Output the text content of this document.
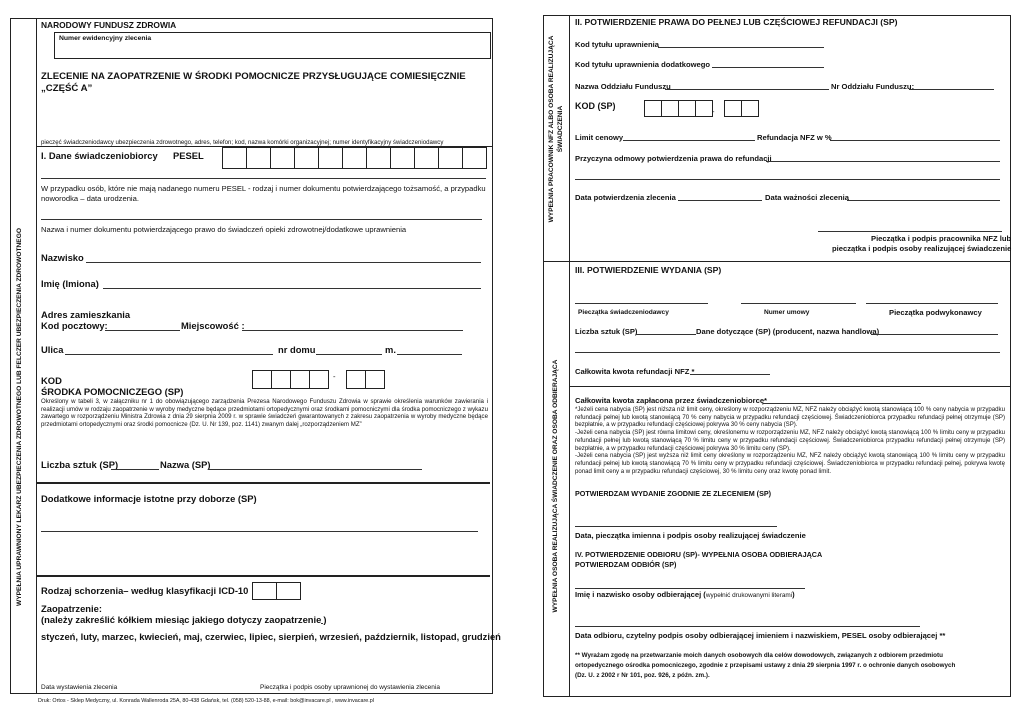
WYPEŁNIA UPRAWNIONY LEKARZ UBEZPIECZENIA ZDROWOTNEGO LUB FELCZER UBEZPIECZENIA ZDROWOTNEGO
NARODOWY FUNDUSZ ZDROWIA
Numer ewidencyjny zlecenia
ZLECENIE NA ZAOPATRZENIE W ŚRODKI POMOCNICZE PRZYSŁUGUJĄCE COMIESIĘCZNIE
„CZĘŚĆ A”
pieczęć świadczeniodawcy ubezpieczenia zdrowotnego, adres, telefon; kod, nazwa komórki organizacyjnej; numer identyfikacyjny świadczeniodawcy
I. Dane świadczeniobiorcy PESEL
W przypadku osób, które nie mają nadanego numeru PESEL - rodzaj i numer dokumentu potwierdzającego tożsamość, a przypadku
noworodka – data urodzenia.
Nazwa i numer dokumentu potwierdzającego prawo do świadczeń opieki zdrowotnej/dodatkowe uprawnienia
Nazwisko
Imię (Imiona)
Adres zamieszkania
Kod pocztowy:	Miejscowość :
Ulica	nr domu	m.
KOD
ŚRODKA POMOCNICZEGO (SP)
-
Określony w tabeli 3, w załączniku nr 1 do obowiązującego zarządzenia Prezesa Narodowego Funduszu Zdrowia w sprawie określenia warunków zawierania i realizacji umów w rodzaju zaopatrzenie w wyroby medyczne będące przedmiotami ortopedycznymi oraz środkami pomocniczymi dla środka pomocniczego z wykazu zawartego w rozporządzeniu Ministra Zdrowia z dnia 29 sierpnia 2009 r. w sprawie świadczeń gwarantowanych z zakresu zaopatrzenia w wyroby medyczne będące przedmiotami ortopedycznymi oraz środki pomocnicze (Dz. U. Nr 139, poz. 1141) zwanym dalej „rozporządzeniem MZ”
Liczba sztuk (SP)	Nazwa (SP)
Dodatkowe informacje istotne przy doborze (SP)
Rodzaj schorzenia– według klasyfikacji ICD-10
Zaopatrzenie:
(należy zakreślić kółkiem miesiąc jakiego dotyczy zaopatrzenie )
styczeń, luty, marzec, kwiecień, maj, czerwiec, lipiec, sierpień, wrzesień, październik, listopad, grudzień
Data wystawienia zlecenia	Pieczątka i podpis osoby uprawnionej do wystawienia zlecenia
Druk: Ortos - Sklep Medyczny, ul. Konrada Wallenroda 25A, 80-438 Gdańsk, tel. (058) 520-13-88, e-mail: bok@invacare.pl , www.invacare.pl
WYPEŁNIA PRACOWNIK NFZ ALBO OSOBA REALIZUJĄCA ŚWIADCZENIA
WYPEŁNIA OSOBA REALIZUJĄCA ŚWIADCZENIE ORAZ OSOBA ODBIERAJĄCA
II. POTWIERDZENIE PRAWA DO PEŁNEJ LUB CZĘŚCIOWEJ REFUNDACJI (SP)
Kod tytułu uprawnienia
Kod tytułu uprawnienia dodatkowego
Nazwa Oddziału Funduszu	Nr Oddziału Funduszu:
KOD (SP)
-
Limit cenowy	Refundacja NFZ w %
Przyczyna odmowy potwierdzenia prawa do refundacji
Data potwierdzenia zlecenia	Data ważności zlecenia
Pieczątka i podpis pracownika NFZ lub
pieczątka i podpis osoby realizującej świadczenie
III. POTWIERDZENIE WYDANIA (SP)
Pieczątka świadczeniodawcy	Numer umowy	Pieczątka podwykonawcy
Liczba sztuk (SP)	Dane dotyczące (SP) (producent, nazwa handlowa)
Całkowita kwota refundacji NFZ *
Całkowita kwota zapłacona przez świadczeniobiorcę*
*Jeżeli cena nabycia (SP) jest niższa niż limit ceny, określony w rozporządzeniu MZ, NFZ należy obciążyć kwotą stanowiącą 100 % ceny nabycia w przypadku refundacji pełnej lub kwotą stanowiącą 70 % ceny nabycia w przypadku refundacji częściowej. Świadczeniobiorca przypadku refundacji pełnej otrzymuje (SP) bezpłatnie, a w przypadku refundacji częściowej pokrywa 30 % ceny nabycia (SP).
-Jeżeli cena nabycia (SP) jest równa limitowi ceny, określonemu w rozporządzeniu MZ, NFZ należy obciążyć kwotą stanowiącą 100 % limitu ceny w przypadku refundacji pełnej lub kwotą stanowiącą 70 % limitu ceny w przypadku refundacji częściowej. Świadczeniobiorca przypadku refundacji pełnej otrzymuje (SP) bezpłatnie, a w przypadku refundacji częściowej pokrywa 30 % limitu ceny (SP).
-Jeżeli cena nabycia (SP) jest wyższa niż limit ceny określony w rozporządzeniu MZ, NFZ należy obciążyć kwotą stanowiącą 100 % limitu ceny w przypadku refundacji pełnej lub kwotą stanowiącą 70 % limitu ceny w przypadku refundacji częściowej. Świadczeniobiorca w przypadku refundacji pełnej, pokrywa kwotę ponad limit ceny a w przypadku refundacji częściowej, 30 % limitu ceny oraz kwotę ponad limit.
POTWIERDZAM WYDANIE ZGODNIE ZE ZLECENIEM (SP)
Data, pieczątka imienna i podpis osoby realizującej świadczenie
IV. POTWIERDZENIE ODBIORU (SP)- WYPEŁNIA OSOBA ODBIERAJĄCA
POTWIERDZAM ODBIÓR (SP)
Imię i nazwisko osoby odbierającej (wypełnić drukowanymi literami)
Data odbioru, czytelny podpis osoby odbierającej imieniem i nazwiskiem, PESEL osoby odbierającej **
** Wyrażam zgodę na przetwarzanie moich danych osobowych dla celów dowodowych, związanych z odbiorem przedmiotu
ortopedycznego ośrodka pomocniczego, zgodnie z przepisami ustawy z dnia 29 sierpnia 1997 r. o ochronie danych osobowych
(Dz. U. z 2002 r Nr 101, poz. 926, z późn. zm.).
